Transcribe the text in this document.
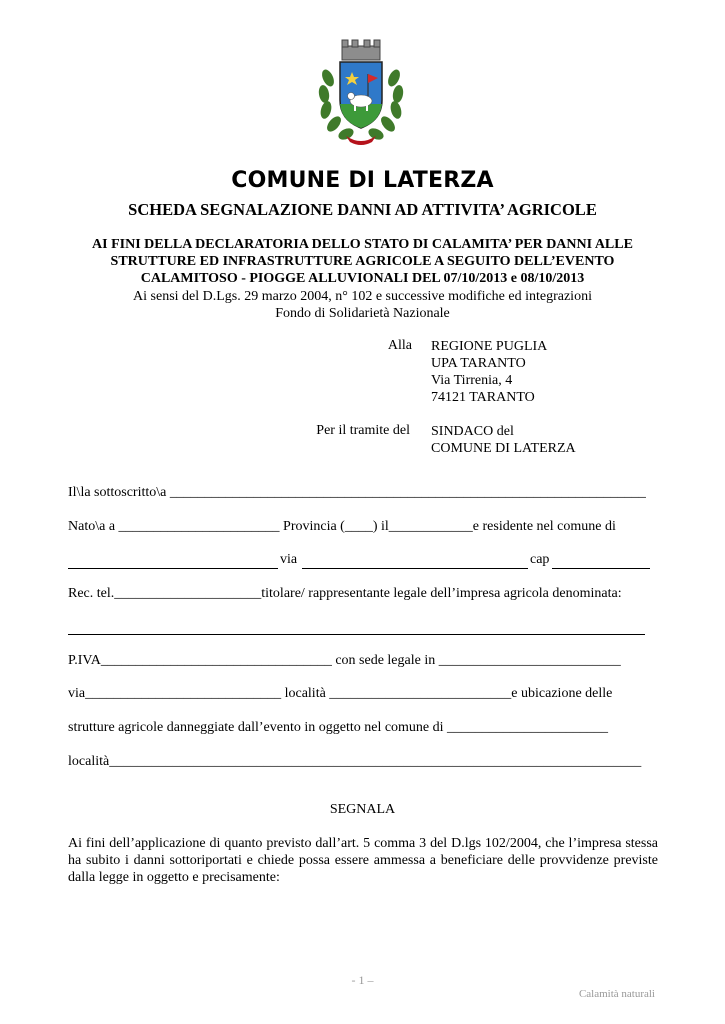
COMUNE DI LATERZA
SCHEDA SEGNALAZIONE DANNI AD ATTIVITA’ AGRICOLE
AI FINI DELLA DECLARATORIA DELLO STATO DI CALAMITA’ PER DANNI ALLE
STRUTTURE ED INFRASTRUTTURE AGRICOLE A SEGUITO DELL’EVENTO
CALAMITOSO - PIOGGE ALLUVIONALI DEL 07/10/2013 e 08/10/2013
Ai sensi del D.Lgs. 29 marzo 2004, n° 102 e successive modifiche ed integrazioni
Fondo di Solidarietà Nazionale
Alla REGIONE PUGLIA
UPA TARANTO
Via Tirrenia, 4
74121 TARANTO
Per il tramite del SINDACO del
COMUNE DI LATERZA
Il\la sottoscritto\a ____________________________________________________________________
Nato\a a _______________________ Provincia (____) il____________e residente nel comune di
via	cap
Rec. tel._____________________titolare/ rappresentante legale dell’impresa agricola denominata:
P.IVA_________________________________ con sede legale in __________________________
via____________________________ località __________________________e ubicazione delle
strutture agricole danneggiate dall’evento in oggetto nel comune di _______________________
località____________________________________________________________________________
SEGNALA
Ai fini dell’applicazione di quanto previsto dall’art. 5 comma 3 del D.lgs 102/2004, che l’impresa stessa ha subito i danni sottoriportati e chiede possa essere ammessa a beneficiare delle provvidenze previste dalla legge in oggetto e precisamente:
- 1 –
Calamità naturali
